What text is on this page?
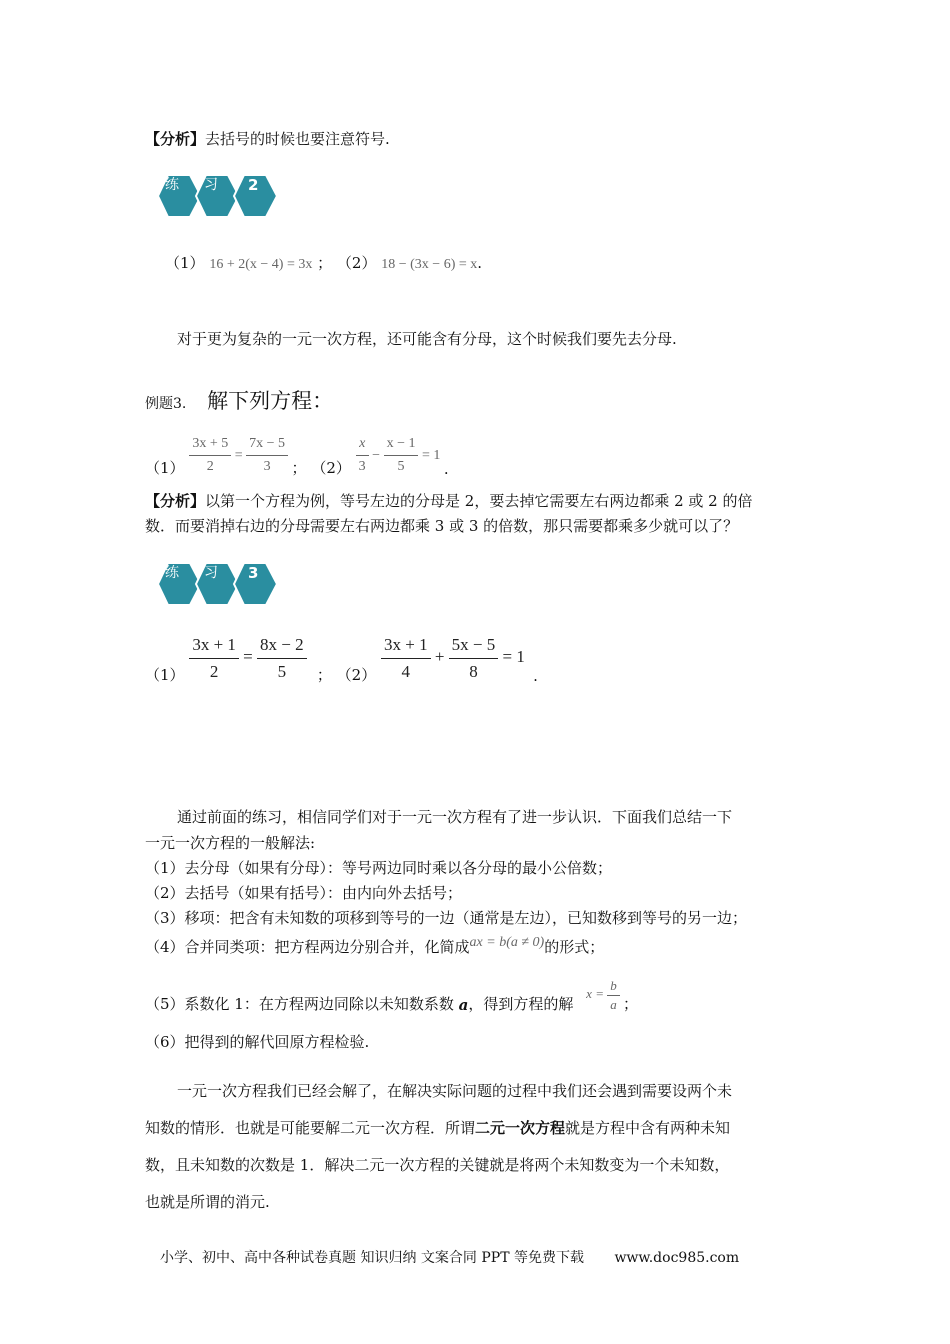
【分析】去括号的时候也要注意符号.
练 习 2
（1） 16 + 2(x − 4) = 3x ； （2） 18 − (3x − 6) = x.
对于更为复杂的一元一次方程，还可能含有分母，这个时候我们要先去分母.
例题3. 解下列方程：
$(1) \frac{3x + 5}{2} = \frac{7x - 5}{3}$ ； $(2) \frac{x}{3} - \frac{x - 1}{5} = 1$ .
【分析】以第一个方程为例，等号左边的分母是 2，要去掉它需要左右两边都乘 2 或 2 的倍
数．而要消掉右边的分母需要左右两边都乘 3 或 3 的倍数，那只需要都乘多少就可以了？
练 习 3
$(1) \frac{3x + 1}{2} = \frac{8x - 2}{5}$ ； $(2) \frac{3x + 1}{4} + \frac{5x - 5}{8} = 1$ .
通过前面的练习，相信同学们对于一元一次方程有了进一步认识．下面我们总结一下
一元一次方程的一般解法:
（1）去分母（如果有分母）：等号两边同时乘以各分母的最小公倍数；
（2）去括号（如果有括号）：由内向外去括号；
（3）移项：把含有未知数的项移到等号的一边（通常是左边），已知数移到等号的另一边；
（4）合并同类项：把方程两边分别合并，化简成ax = b(a ≠ 0)的形式；
（5）系数化 1：在方程两边同除以未知数系数 a，得到方程的解 $x = \frac{b}{a}$ ；
（6）把得到的解代回原方程检验.
一元一次方程我们已经会解了，在解决实际问题的过程中我们还会遇到需要设两个未
知数的情形．也就是可能要解二元一次方程．所谓二元一次方程就是方程中含有两种未知
数，且未知数的次数是 1．解决二元一次方程的关键就是将两个未知数变为一个未知数，
也就是所谓的消元.
小学、初中、高中各种试卷真题 知识归纳 文案合同 PPT 等免费下载 www.doc985.com
